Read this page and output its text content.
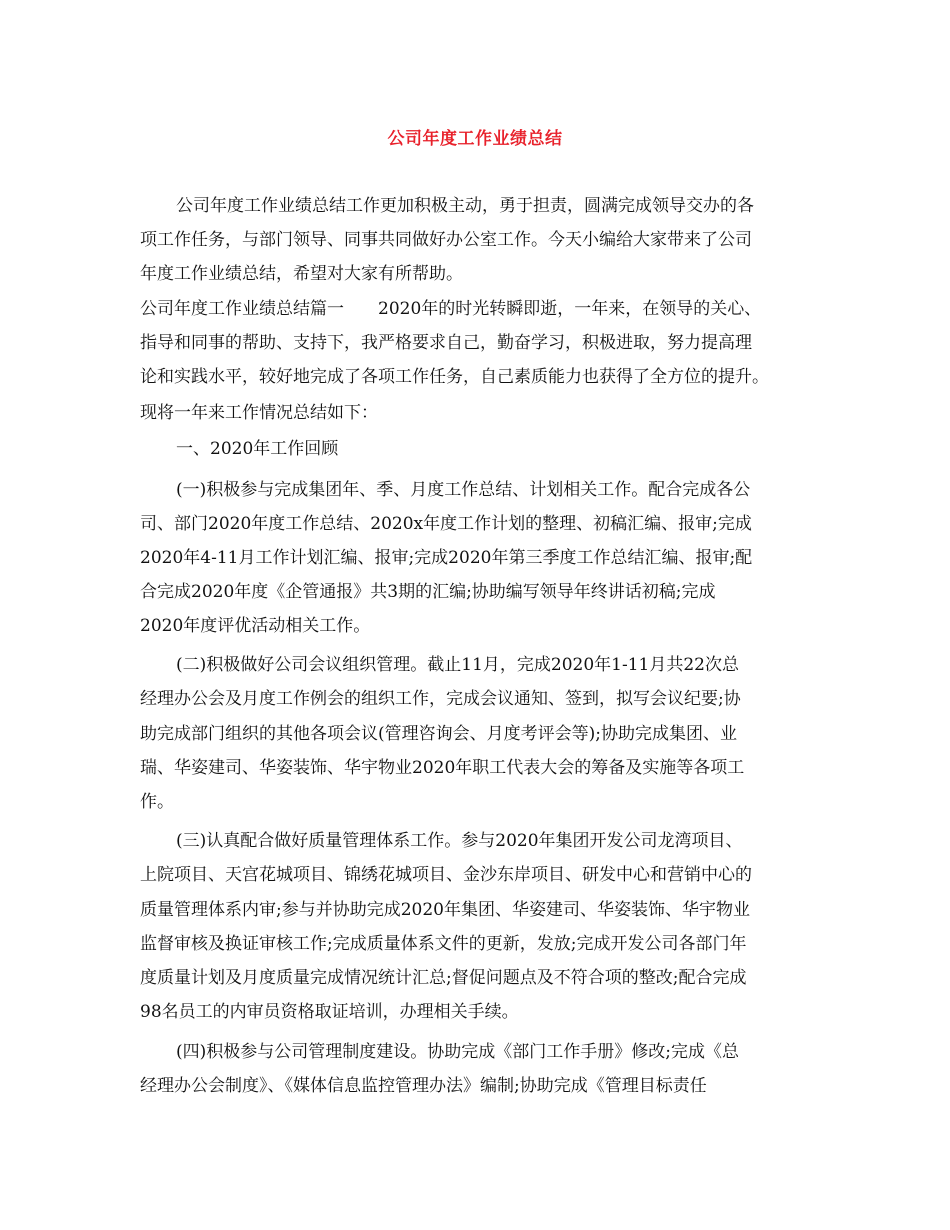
公司年度工作业绩总结
公司年度工作业绩总结工作更加积极主动，勇于担责，圆满完成领导交办的各
项工作任务，与部门领导、同事共同做好办公室工作。今天小编给大家带来了公司
年度工作业绩总结，希望对大家有所帮助。
公司年度工作业绩总结篇一　　2020年的时光转瞬即逝，一年来，在领导的关心、
指导和同事的帮助、支持下，我严格要求自己，勤奋学习，积极进取，努力提高理
论和实践水平，较好地完成了各项工作任务，自己素质能力也获得了全方位的提升。
现将一年来工作情况总结如下：
一、2020年工作回顾
(一)积极参与完成集团年、季、月度工作总结、计划相关工作。配合完成各公
司、部门2020年度工作总结、2020x年度工作计划的整理、初稿汇编、报审;完成
2020年4-11月工作计划汇编、报审;完成2020年第三季度工作总结汇编、报审;配
合完成2020年度《企管通报》共3期的汇编;协助编写领导年终讲话初稿;完成
2020年度评优活动相关工作。
(二)积极做好公司会议组织管理。截止11月，完成2020年1-11月共22次总
经理办公会及月度工作例会的组织工作，完成会议通知、签到，拟写会议纪要;协
助完成部门组织的其他各项会议(管理咨询会、月度考评会等);协助完成集团、业
瑞、华姿建司、华姿装饰、华宇物业2020年职工代表大会的筹备及实施等各项工
作。
(三)认真配合做好质量管理体系工作。参与2020年集团开发公司龙湾项目、
上院项目、天宫花城项目、锦绣花城项目、金沙东岸项目、研发中心和营销中心的
质量管理体系内审;参与并协助完成2020年集团、华姿建司、华姿装饰、华宇物业
监督审核及换证审核工作;完成质量体系文件的更新，发放;完成开发公司各部门年
度质量计划及月度质量完成情况统计汇总;督促问题点及不符合项的整改;配合完成
98名员工的内审员资格取证培训，办理相关手续。
(四)积极参与公司管理制度建设。协助完成《部门工作手册》修改;完成《总
经理办公会制度》、《媒体信息监控管理办法》编制;协助完成《管理目标责任
